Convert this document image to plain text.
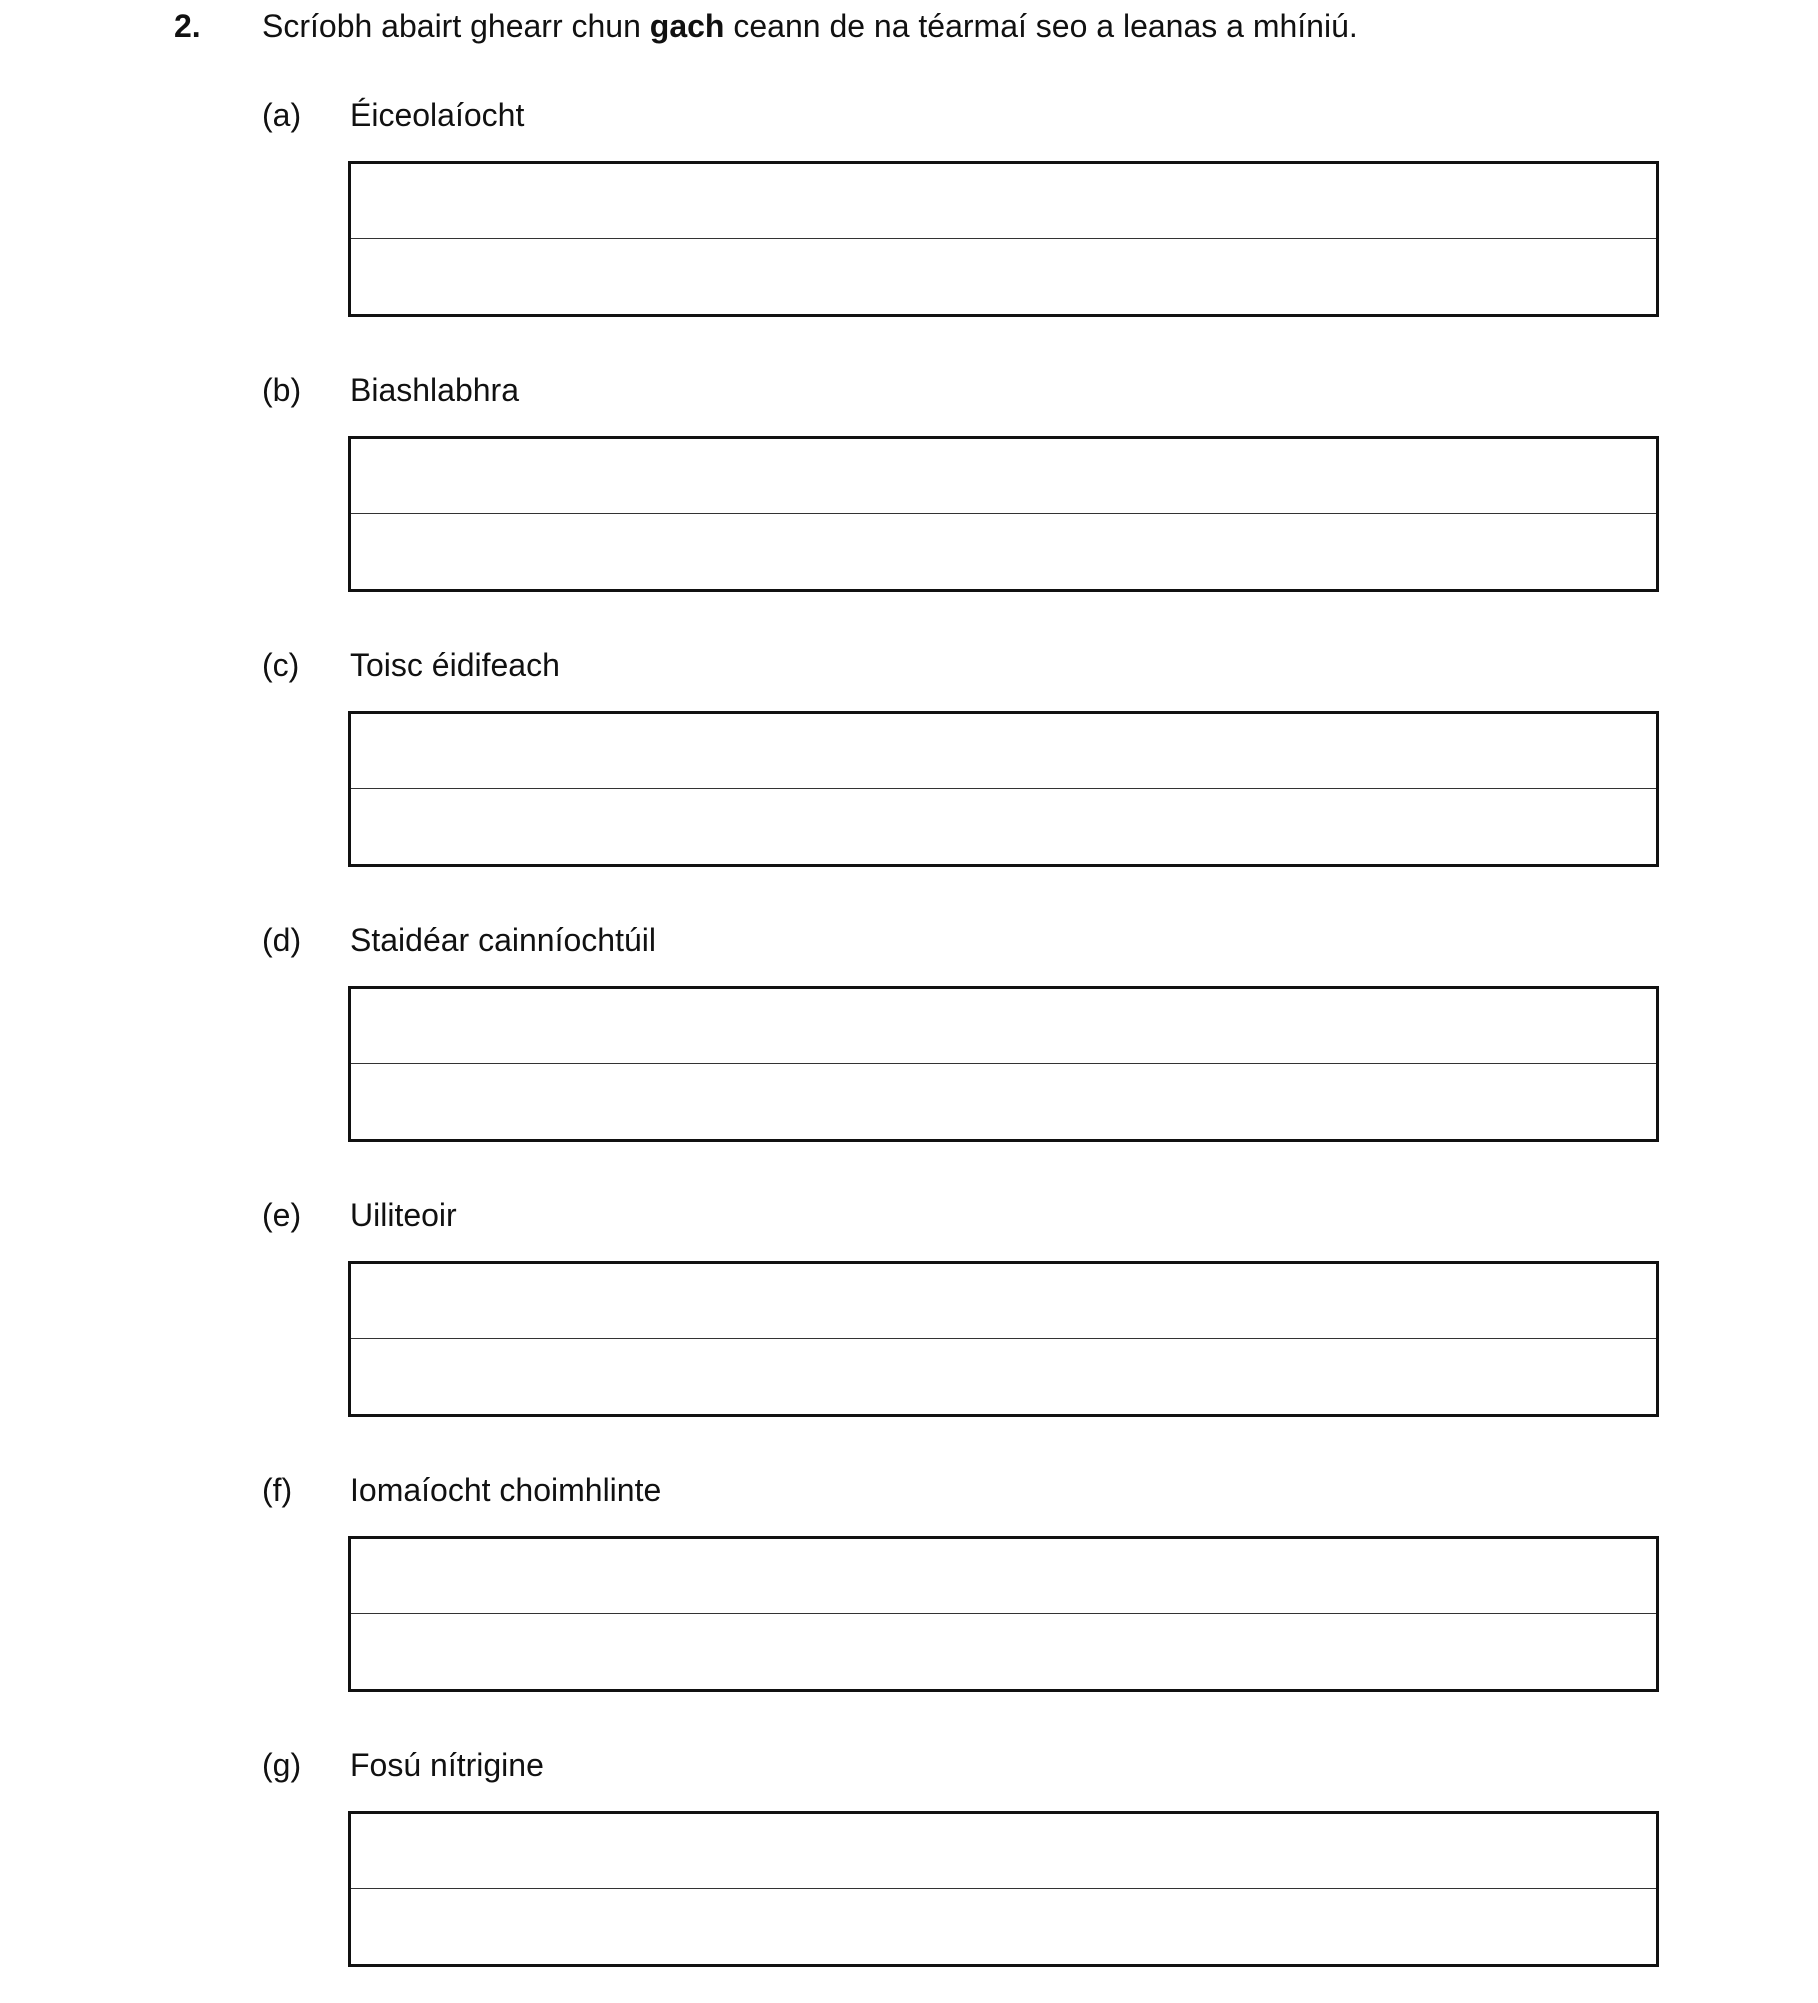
2. Scríobh abairt ghearr chun gach ceann de na téarmaí seo a leanas a mhíniú.
(a) Éiceolaíocht
(b) Biashlabhra
(c) Toisc éidifeach
(d) Staidéar cainníochtúil
(e) Uiliteoir
(f) Iomaíocht choimhlinte
(g) Fosú nítrigine
